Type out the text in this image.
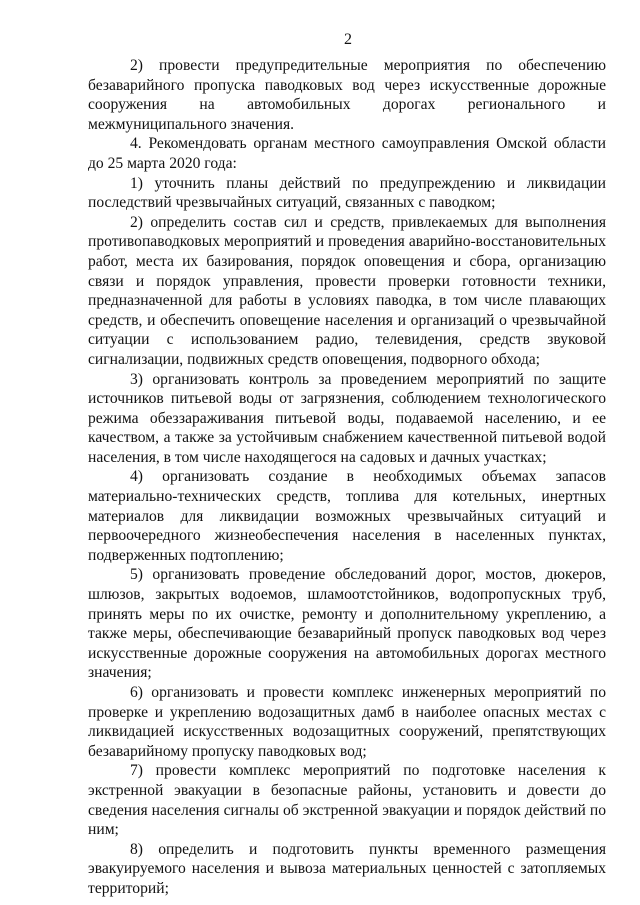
2

2) провести предупредительные мероприятия по обеспечению безаварийного пропуска паводковых вод через искусственные дорожные сооружения на автомобильных дорогах регионального и межмуниципального значения.

4. Рекомендовать органам местного самоуправления Омской области до 25 марта 2020 года:

1) уточнить планы действий по предупреждению и ликвидации последствий чрезвычайных ситуаций, связанных с паводком;

2) определить состав сил и средств, привлекаемых для выполнения противопаводковых мероприятий и проведения аварийно-восстановительных работ, места их базирования, порядок оповещения и сбора, организацию связи и порядок управления, провести проверки готовности техники, предназначенной для работы в условиях паводка, в том числе плавающих средств, и обеспечить оповещение населения и организаций о чрезвычайной ситуации с использованием радио, телевидения, средств звуковой сигнализации, подвижных средств оповещения, подворного обхода;

3) организовать контроль за проведением мероприятий по защите источников питьевой воды от загрязнения, соблюдением технологического режима обеззараживания питьевой воды, подаваемой населению, и ее качеством, а также за устойчивым снабжением качественной питьевой водой населения, в том числе находящегося на садовых и дачных участках;

4) организовать создание в необходимых объемах запасов материально-технических средств, топлива для котельных, инертных материалов для ликвидации возможных чрезвычайных ситуаций и первоочередного жизнеобеспечения населения в населенных пунктах, подверженных подтоплению;

5) организовать проведение обследований дорог, мостов, дюкеров, шлюзов, закрытых водоемов, шламоотстойников, водопропускных труб, принять меры по их очистке, ремонту и дополнительному укреплению, а также меры, обеспечивающие безаварийный пропуск паводковых вод через искусственные дорожные сооружения на автомобильных дорогах местного значения;

6) организовать и провести комплекс инженерных мероприятий по проверке и укреплению водозащитных дамб в наиболее опасных местах с ликвидацией искусственных водозащитных сооружений, препятствующих безаварийному пропуску паводковых вод;

7) провести комплекс мероприятий по подготовке населения к экстренной эвакуации в безопасные районы, установить и довести до сведения населения сигналы об экстренной эвакуации и порядок действий по ним;

8) определить и подготовить пункты временного размещения эвакуируемого населения и вывоза материальных ценностей с затопляемых территорий;
